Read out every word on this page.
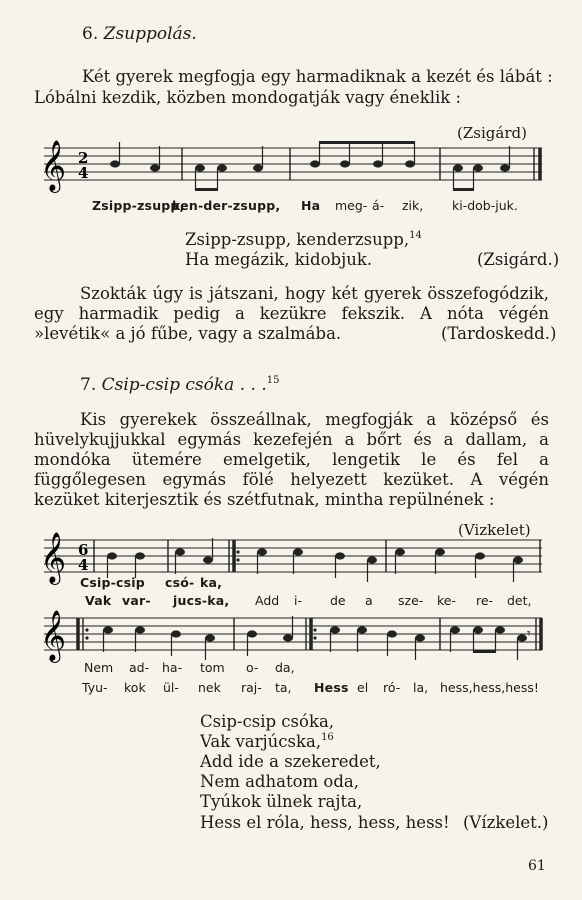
6. Zsuppolás.
Két gyerek megfogja egy harmadiknak a kezét és lábát :
Lóbálni kezdik, közben mondogatják vagy éneklik :
(Zsigárd)
𝄞 2
4
Zsipp-zsupp,
ken-der-zsupp, Ha meg- á- zik, ki-dob-juk.
Zsipp-zsupp, kenderzsupp,$^{14}$
Ha megázik, kidobjuk.	(Zsigárd.)
Szokták úgy is játszani, hogy két gyerek összefogódzik, egy harmadik pedig a kezükre fekszik. A nóta végén »levétik« a jó fűbe, vagy a szalmába.	(Tardoskedd.)
7. Csip-csip csóka . . .$^{15}$
Kis gyerekek összeállnak, megfogják a középső és hüvelykujjukkal egymás kezefején a bőrt és a dallam, a mondóka ütemére emelgetik, lengetik le és fel a függőlegesen egymás fölé helyezett kezüket. A végén kezüket kiterjesztik és szétfutnak, mintha repülnének :
(Vizkelet)
𝄞 6
4
Csip-csip csó- ka,
Vak var- jucs-ka, Add i- de a sze- ke- re- det,
𝄞	𝄾
Nem ad- ha- tom o- da,
Tyu- kok ül- nek raj- ta, Hess el ró- la, hess,hess,hess!
Csip-csip csóka,
Vak varjúcska,$^{16}$
Add ide a szekeredet,
Nem adhatom oda,
Tyúkok ülnek rajta,
Hess el róla, hess, hess, hess! (Vízkelet.)
61
